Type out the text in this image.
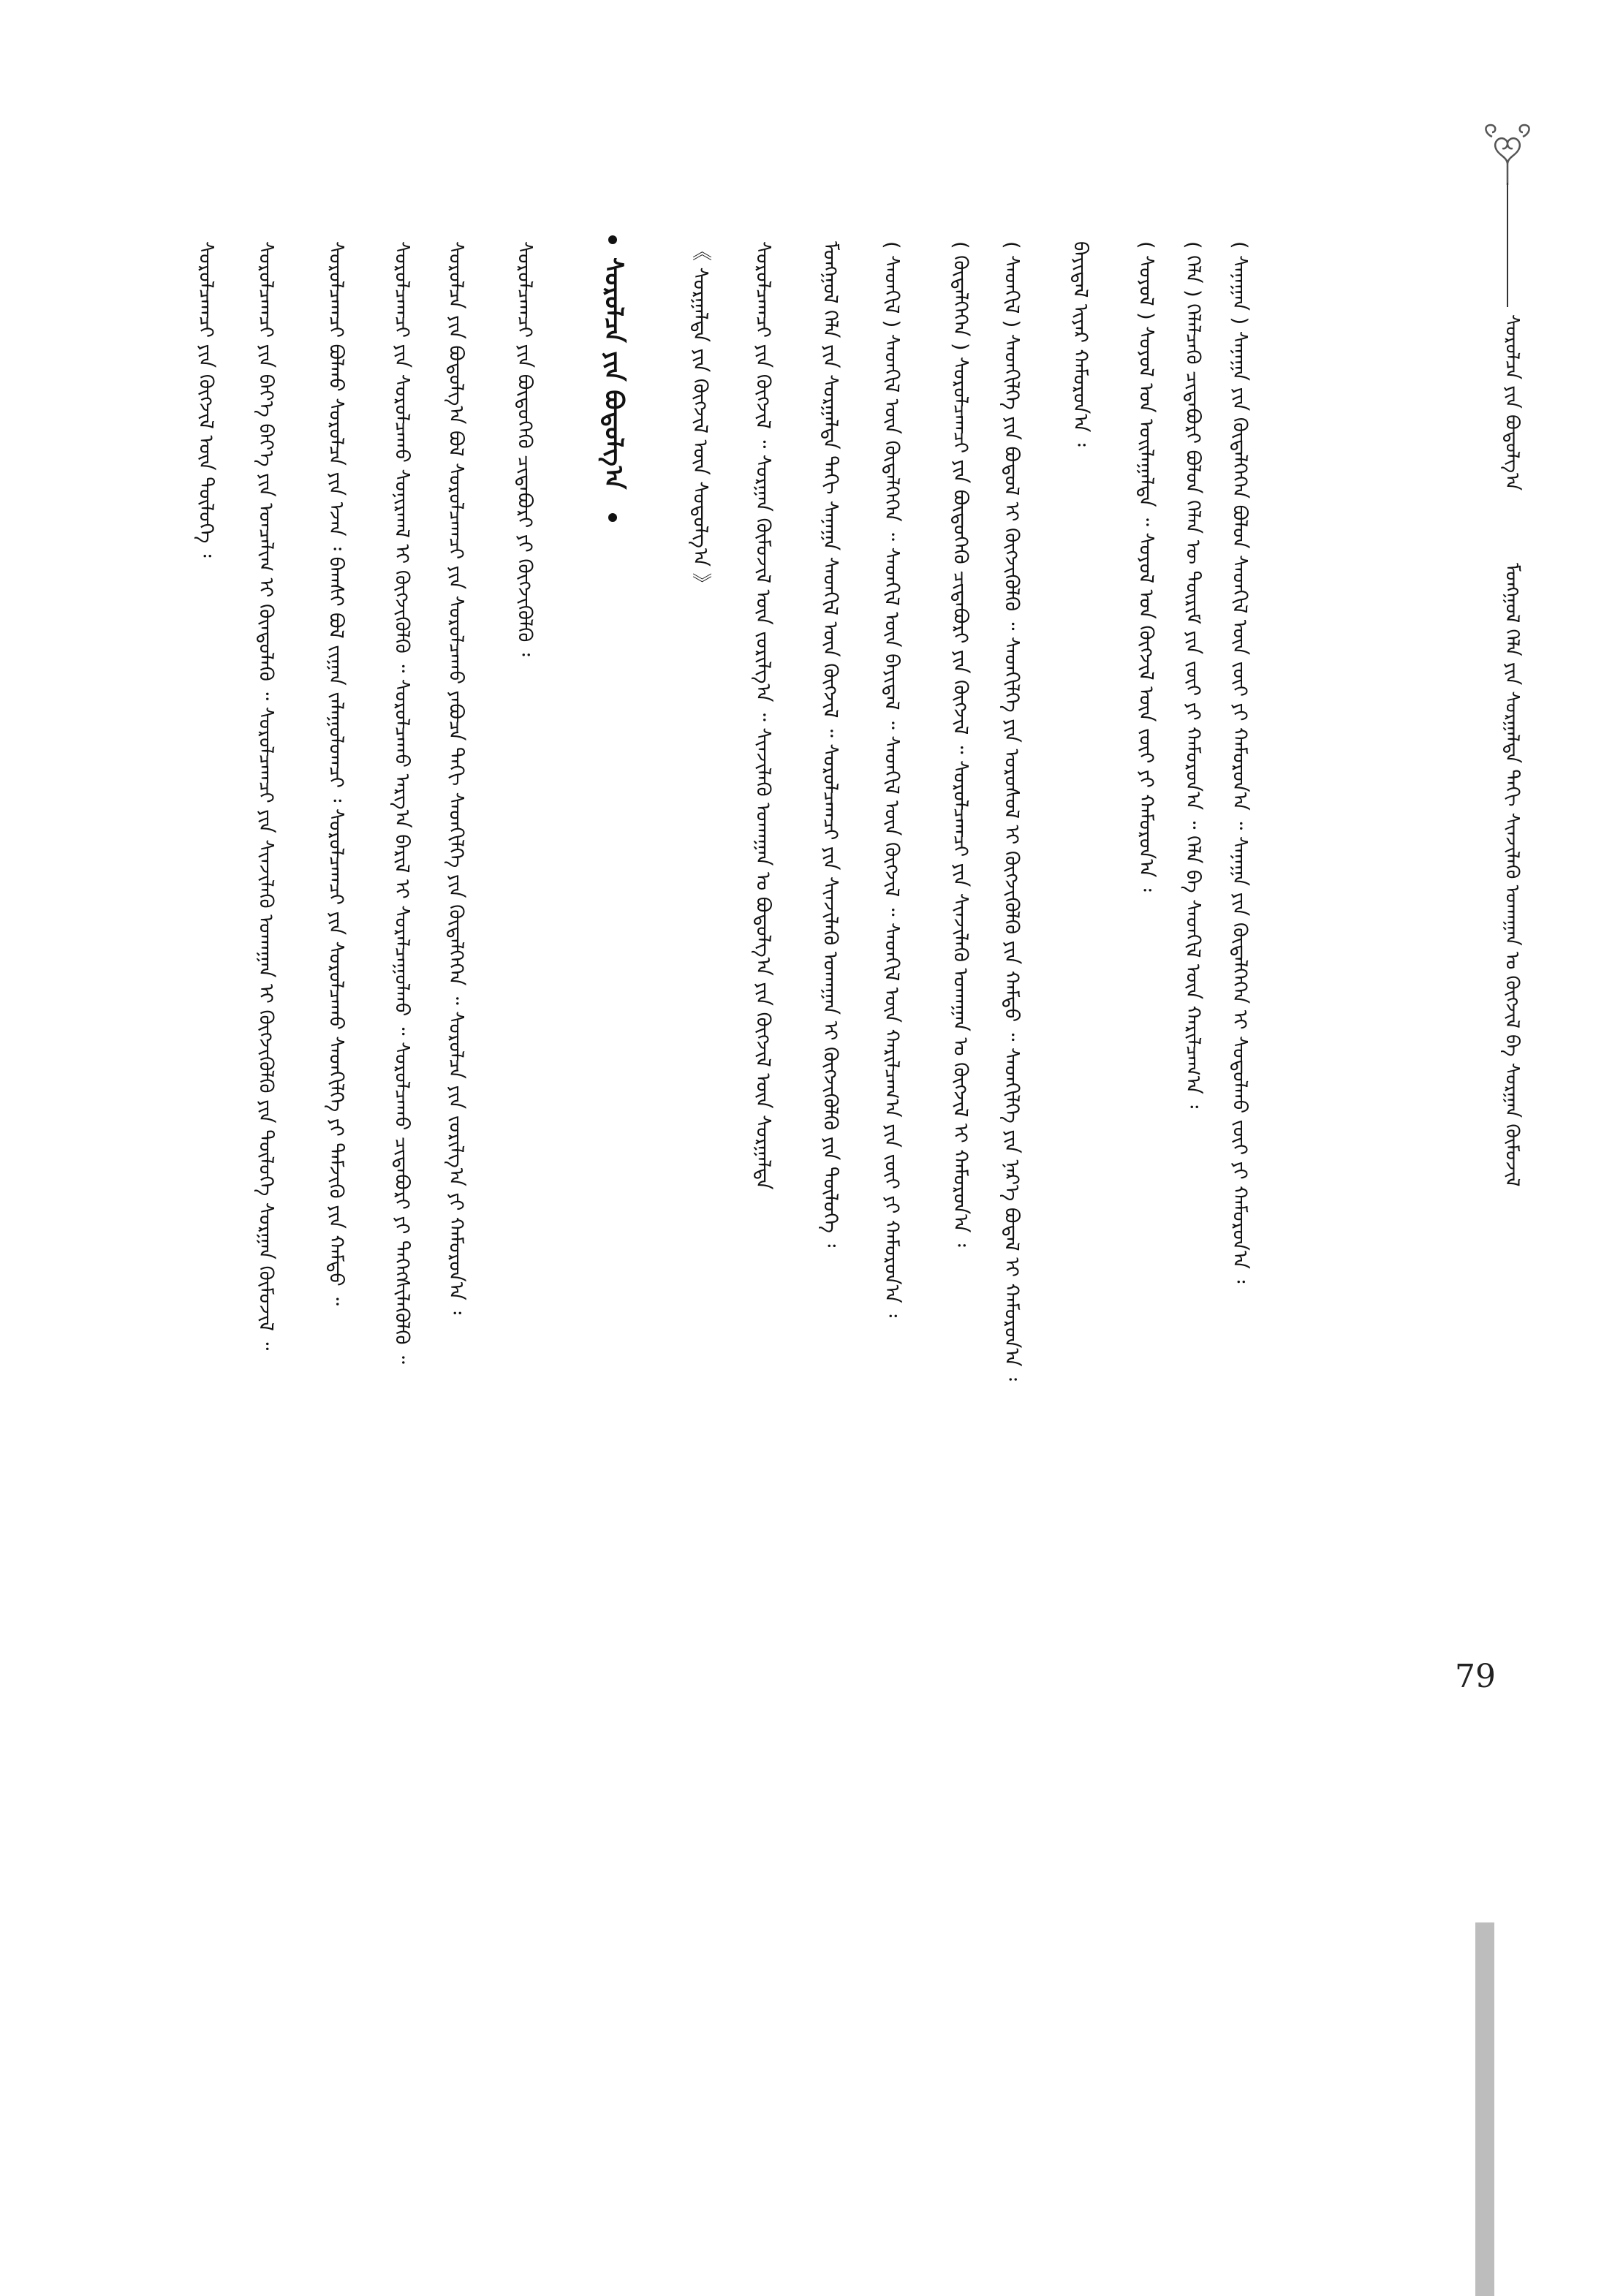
ᠰᠤᠷᠤᠯᠴᠠ ᠶᠢᠨ ᠪᠣᠳᠤᠯᠭ᠎ᠠ
ᠮᠣᠩᠭᠣᠯ ᠬᠡᠯᠡ ᠶᠢᠨ ᠰᠤᠷᠭᠠᠯᠲᠠ ᠳᠠᠬᠢ ᠰᠢᠨᠵᠢᠯᠡᠬᠦ ᠤᠬᠠᠭᠠᠨ ᠤ ᠬᠥᠭᠵᠢᠯ ᠪᠠ ᠰᠤᠷᠭᠠᠨ ᠬᠥᠮᠦᠵᠢᠯ
79
᠎( ᠰᠠᠨᠠᠭᠠᠨ ) ᠰᠠᠨᠠᠭᠠ ᠶᠢᠨ ᠬᠥᠳᠡᠯᠭᠡᠭᠡᠨ ᠪᠣᠯᠤᠨ ᠰᠡᠳᠬᠢᠯ ᠦᠨ ᠵᠦᠢ ᠶᠢ ᠬᠠᠮᠤᠷᠤᠨ᠎ᠠ ᠃ ᠰᠠᠨᠠᠭᠠ ᠶᠢᠨ ᠬᠥᠳᠡᠯᠭᠡᠭᠡᠨ ᠢ ᠰᠤᠳᠤᠯᠬᠤ ᠵᠦᠢ ᠶᠢ ᠬᠠᠮᠤᠷᠤᠨ᠎ᠠ ᠄
᠎( ᠬᠡᠯᠡ ) ᠬᠡᠯᠡᠯᠴᠡᠬᠦ ᠴᠢᠳᠠᠪᠤᠷᠢ ᠪᠣᠯᠤᠨ ᠬᠡᠯᠡᠨ ᠦ ᠳᠦᠷᠢᠮ ᠶᠢᠨ ᠵᠦᠢ ᠶᠢ ᠬᠠᠮᠤᠷᠤᠨ᠎ᠠ ᠃ ᠬᠡᠯᠡ ᠪᠠ ᠰᠡᠳᠬᠢᠯ ᠦᠨ ᠬᠠᠷᠢᠯᠴᠠᠭ᠎ᠠ ᠄
᠎( ᠰᠣᠶᠣᠯ ) ᠰᠣᠶᠣᠯ ᠤᠨ ᠣᠢᠯᠠᠭᠠᠯᠲᠠ ᠃ ᠰᠣᠶᠣᠯ ᠤᠨ ᠬᠥᠭᠵᠢᠯ ᠦᠨ ᠵᠦᠢ ᠶᠢ ᠬᠠᠮᠤᠷᠤᠨ᠎ᠠ ᠄
ᠪᠠᠶᠢᠳᠠᠯ ᠢᠶᠠᠷ ᠬᠠᠮᠤᠷᠤᠨ᠎ᠠ ᠄
᠎( ᠰᠡᠳᠬᠢᠯ ) ᠰᠡᠳᠬᠢᠯᠭᠡ ᠶᠢᠨ ᠪᠣᠳᠤᠯ ᠢ ᠬᠥᠭᠵᠢᠭᠦᠯᠬᠦ ᠃ ᠰᠡᠳᠬᠢᠯᠭᠡ ᠶᠢᠨ ᠤᠷᠤᠰᠤᠯ ᠢ ᠬᠥᠭᠵᠢᠭᠦᠯᠬᠦ ᠶᠢᠨ ᠬᠠᠮᠲᠤ ᠃ ᠰᠡᠳᠬᠢᠯᠭᠡ ᠶᠢᠨ ᠨᠡᠷ᠎ᠡ ᠪᠤᠳᠠᠯ ᠢ ᠬᠠᠮᠤᠷᠤᠨ᠎ᠠ ᠄
᠎( ᠬᠥᠳᠡᠯᠭᠡᠭᠡᠨ ) ᠰᠤᠷᠤᠯᠴᠠᠭᠴᠢ ᠶᠢᠨ ᠪᠦᠲᠦᠭᠡᠬᠦ ᠴᠢᠳᠠᠪᠤᠷᠢ ᠶᠢᠨ ᠬᠥᠭᠵᠢᠯ ᠃ ᠰᠤᠷᠤᠯᠴᠠᠭᠴᠢ ᠶᠢᠨ ᠰᠢᠨᠵᠢᠯᠡᠬᠦ ᠤᠬᠠᠭᠠᠨ ᠤ ᠬᠥᠭᠵᠢᠯ ᠢ ᠬᠠᠮᠤᠷᠤᠨ᠎ᠠ ᠄
᠎( ᠰᠡᠳᠬᠢᠯ ) ᠰᠡᠳᠬᠢᠯ ᠦᠨ ᠬᠥᠳᠡᠯᠭᠡᠭᠡᠨ ᠃ ᠰᠡᠳᠬᠢᠯ ᠦᠨ ᠪᠠᠶᠢᠳᠠᠯ ᠃ ᠰᠡᠳᠬᠢᠯ ᠦᠨ ᠬᠥᠭᠵᠢᠯ ᠃ ᠰᠡᠳᠬᠢᠯ ᠦᠨ ᠬᠠᠷᠢᠯᠴᠠᠭ᠎ᠠ ᠶᠢᠨ ᠵᠦᠢ ᠶᠢ ᠬᠠᠮᠤᠷᠤᠨ᠎ᠠ ᠄
ᠮᠣᠩᠭᠣᠯ ᠬᠡᠯᠡ ᠶᠢᠨ ᠰᠤᠷᠭᠠᠯᠲᠠ ᠳᠠᠬᠢ ᠰᠠᠨᠠᠭᠠ ᠰᠡᠳᠬᠢᠯ ᠦᠨ ᠬᠥᠭᠵᠢᠯ ᠃ ᠰᠤᠷᠤᠯᠴᠠᠭᠴᠢ ᠶᠢᠨ ᠰᠢᠨᠵᠢᠯᠡᠬᠦ ᠤᠬᠠᠭᠠᠨ ᠢ ᠬᠥᠭᠵᠢᠭᠦᠯᠬᠦ ᠶᠢᠨ ᠲᠥᠯᠥᠭᠡ ᠄
ᠰᠤᠷᠤᠯᠴᠠᠭᠴᠢ ᠶᠢᠨ ᠬᠥᠭᠵᠢᠯ ᠃ ᠰᠤᠷᠭᠠᠨ ᠬᠥᠮᠦᠵᠢᠯ ᠦᠨ ᠵᠣᠷᠢᠯᠭ᠎ᠠ ᠃ ᠰᠢᠨᠵᠢᠯᠡᠬᠦ ᠤᠬᠠᠭᠠᠨ ᠤ ᠪᠣᠳᠤᠯᠭ᠎ᠠ ᠶᠢᠨ ᠬᠥᠭᠵᠢᠯ ᠦᠨ ᠰᠤᠷᠭᠠᠯᠲᠠ
《 ᠰᠤᠷᠭᠠᠯᠲᠠ ᠶᠢᠨ ᠬᠥᠭᠵᠢᠯ ᠦᠨ ᠰᠤᠳᠤᠯᠭ᠎ᠠ 》
ᠰᠤᠷᠤᠯᠴᠠ ᠶᠢᠨ ᠪᠣᠳᠤᠯᠭ᠎ᠠ
ᠰᠤᠷᠤᠯᠴᠠᠭᠴᠢ ᠶᠢᠨ ᠪᠦᠲᠦᠭᠡᠬᠦ ᠴᠢᠳᠠᠪᠤᠷᠢ ᠶᠢ ᠬᠥᠭᠵᠢᠭᠦᠯᠬᠦ ᠄
ᠰᠤᠷᠤᠯᠴᠠ ᠶᠢᠨ ᠪᠣᠳᠤᠯᠭ᠎ᠠ ᠪᠣᠯ ᠰᠤᠷᠤᠯᠴᠠᠭᠴᠢ ᠶᠢᠨ ᠰᠤᠷᠤᠯᠴᠠᠬᠤ ᠶᠠᠪᠤᠴᠠ ᠳᠠᠬᠢ ᠰᠡᠳᠬᠢᠯᠭᠡ ᠶᠢᠨ ᠬᠥᠳᠡᠯᠭᠡᠭᠡᠨ ᠃ ᠰᠤᠷᠤᠯᠴᠠ ᠶᠢᠨ ᠵᠣᠷᠢᠯᠭ᠎ᠠ ᠶᠢ ᠬᠠᠮᠤᠷᠤᠨ᠎ᠠ ᠄
ᠰᠤᠷᠤᠯᠴᠠᠭᠴᠢ ᠶᠢᠨ ᠰᠤᠷᠤᠯᠴᠠᠬᠤ ᠰᠣᠨᠢᠷᠬᠠᠯ ᠢ ᠬᠥᠭᠵᠢᠭᠦᠯᠬᠦ ᠃ ᠰᠤᠷᠤᠯᠴᠠᠬᠤ ᠠᠷᠭ᠎ᠠ ᠪᠠᠷᠢᠯ ᠢ ᠰᠤᠷᠠᠯᠴᠠᠭᠤᠯᠬᠤ ᠃ ᠰᠤᠷᠤᠯᠴᠠᠬᠤ ᠴᠢᠳᠠᠪᠤᠷᠢ ᠶᠢ ᠳᠡᠭᠡᠭᠰᠢᠯᠡᠭᠦᠯᠬᠦ ᠃
ᠰᠤᠷᠤᠯᠴᠠᠭᠴᠢ ᠪᠣᠯᠬᠤ ᠰᠤᠷᠤᠯᠴᠠ ᠶᠢᠨ ᠡᠵᠡᠨ ᠄ ᠪᠠᠭᠰᠢ ᠪᠣᠯ ᠵᠢᠭᠠᠨ ᠵᠠᠯᠠᠭᠤᠯᠤᠭᠴᠢ ᠄ ᠰᠤᠷᠤᠯᠴᠠᠭᠴᠢ ᠶᠢᠨ ᠰᠤᠷᠤᠯᠴᠠᠬᠤ ᠰᠡᠳᠬᠢᠯᠭᠡ ᠶᠢ ᠳᠡᠮᠵᠢᠬᠦ ᠶᠢᠨ ᠬᠠᠮᠲᠤ ᠃
ᠰᠤᠷᠤᠯᠴᠠᠭᠴᠢ ᠶᠢᠨ ᠪᠡᠶ᠎ᠡ ᠪᠡᠶ᠎ᠡ ᠶᠢᠨ ᠣᠨᠴᠠᠯᠢᠭ ᠢ ᠬᠦᠨᠳᠦᠯᠡᠬᠦ ᠃ ᠰᠤᠷᠤᠯᠴᠠᠭᠴᠢ ᠶᠢᠨ ᠰᠢᠨᠵᠢᠯᠡᠬᠦ ᠤᠬᠠᠭᠠᠨ ᠢ ᠬᠥᠭᠵᠢᠭᠦᠯᠬᠦ ᠶᠢᠨ ᠲᠥᠯᠥᠭᠡ ᠰᠤᠷᠭᠠᠨ ᠬᠥᠮᠦᠵᠢᠯ ᠃
ᠰᠤᠷᠤᠯᠴᠠᠭᠴᠢ ᠶᠢᠨ ᠬᠥᠭᠵᠢᠯ ᠦᠨ ᠲᠥᠯᠥᠭᠡ ᠄
